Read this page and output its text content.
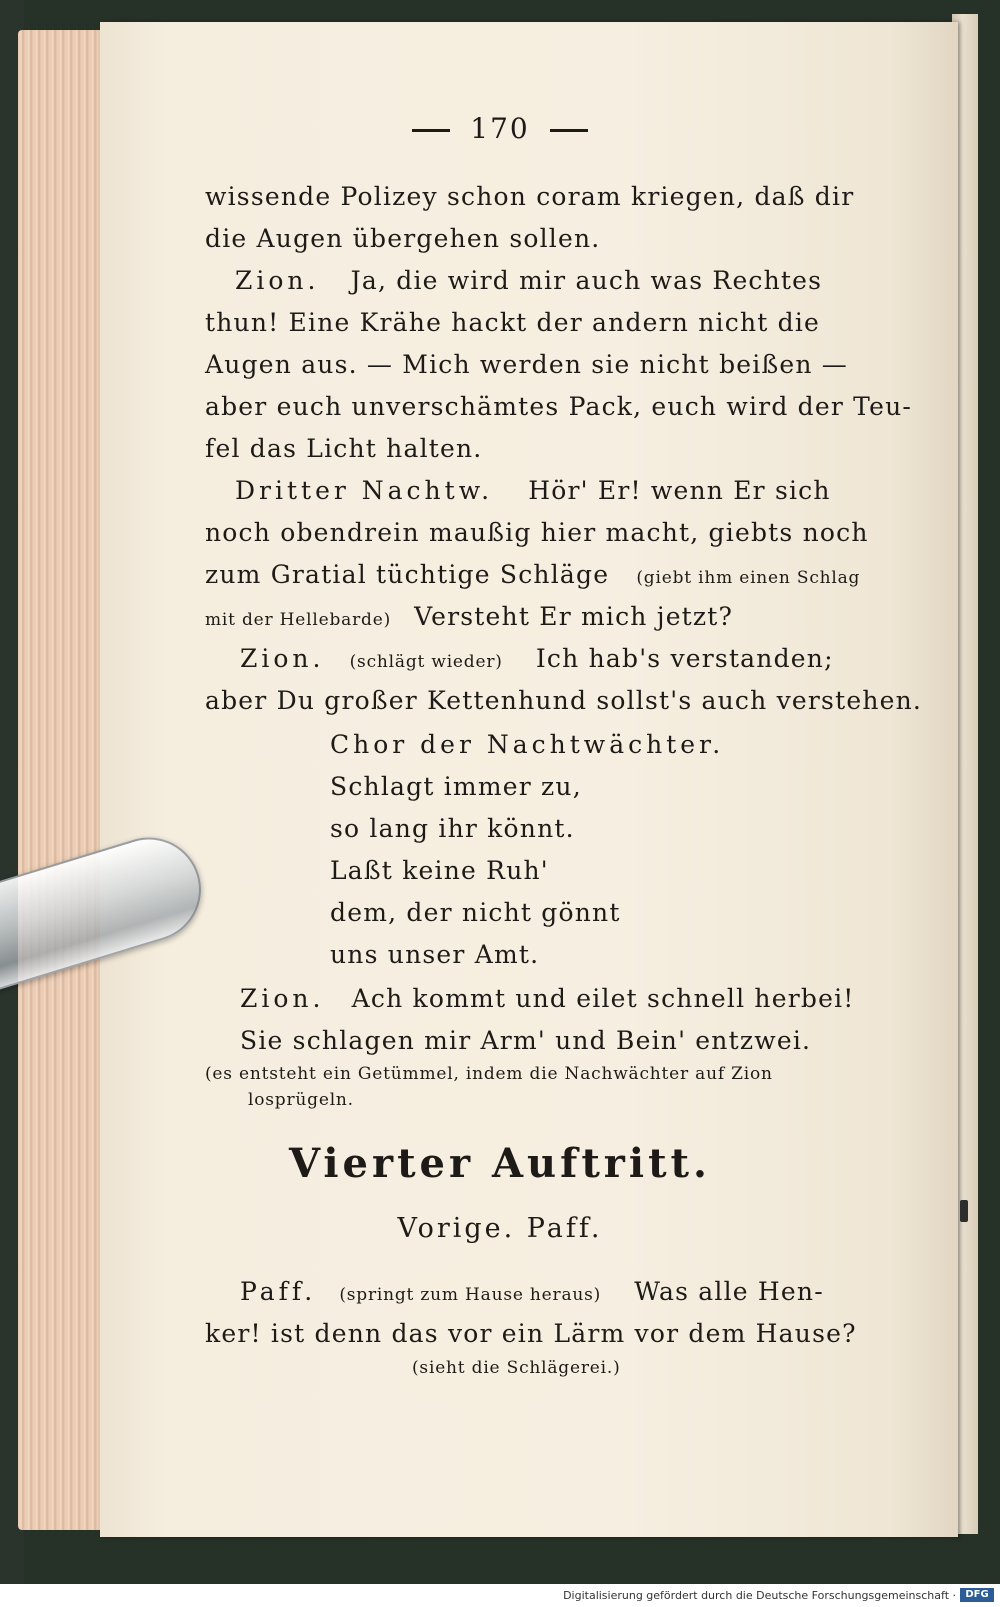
170
wissende Polizey schon coram kriegen, daß dir
die Augen übergehen sollen.
Zion. Ja, die wird mir auch was Rechtes
thun! Eine Krähe hackt der andern nicht die
Augen aus. — Mich werden sie nicht beißen —
aber euch unverschämtes Pack, euch wird der Teu-
fel das Licht halten.
Dritter Nachtw. Hör' Er! wenn Er sich
noch obendrein maußig hier macht, giebts noch
zum Gratial tüchtige Schläge (giebt ihm einen Schlag
mit der Hellebarde) Versteht Er mich jetzt?
Zion. (schlägt wieder) Ich hab's verstanden;
aber Du großer Kettenhund sollst's auch verstehen.
Chor der Nachtwächter.
Schlagt immer zu,
so lang ihr könnt.
Laßt keine Ruh'
dem, der nicht gönnt
uns unser Amt.
Zion. Ach kommt und eilet schnell herbei!
Sie schlagen mir Arm' und Bein' entzwei.
(es entsteht ein Getümmel, indem die Nachwächter auf Zion
losprügeln.
Vierter Auftritt.
Vorige. Paff.
Paff. (springt zum Hause heraus) Was alle Hen-
ker! ist denn das vor ein Lärm vor dem Hause?
(sieht die Schlägerei.)
Digitalisierung gefördert durch die Deutsche Forschungsgemeinschaft · DFG
